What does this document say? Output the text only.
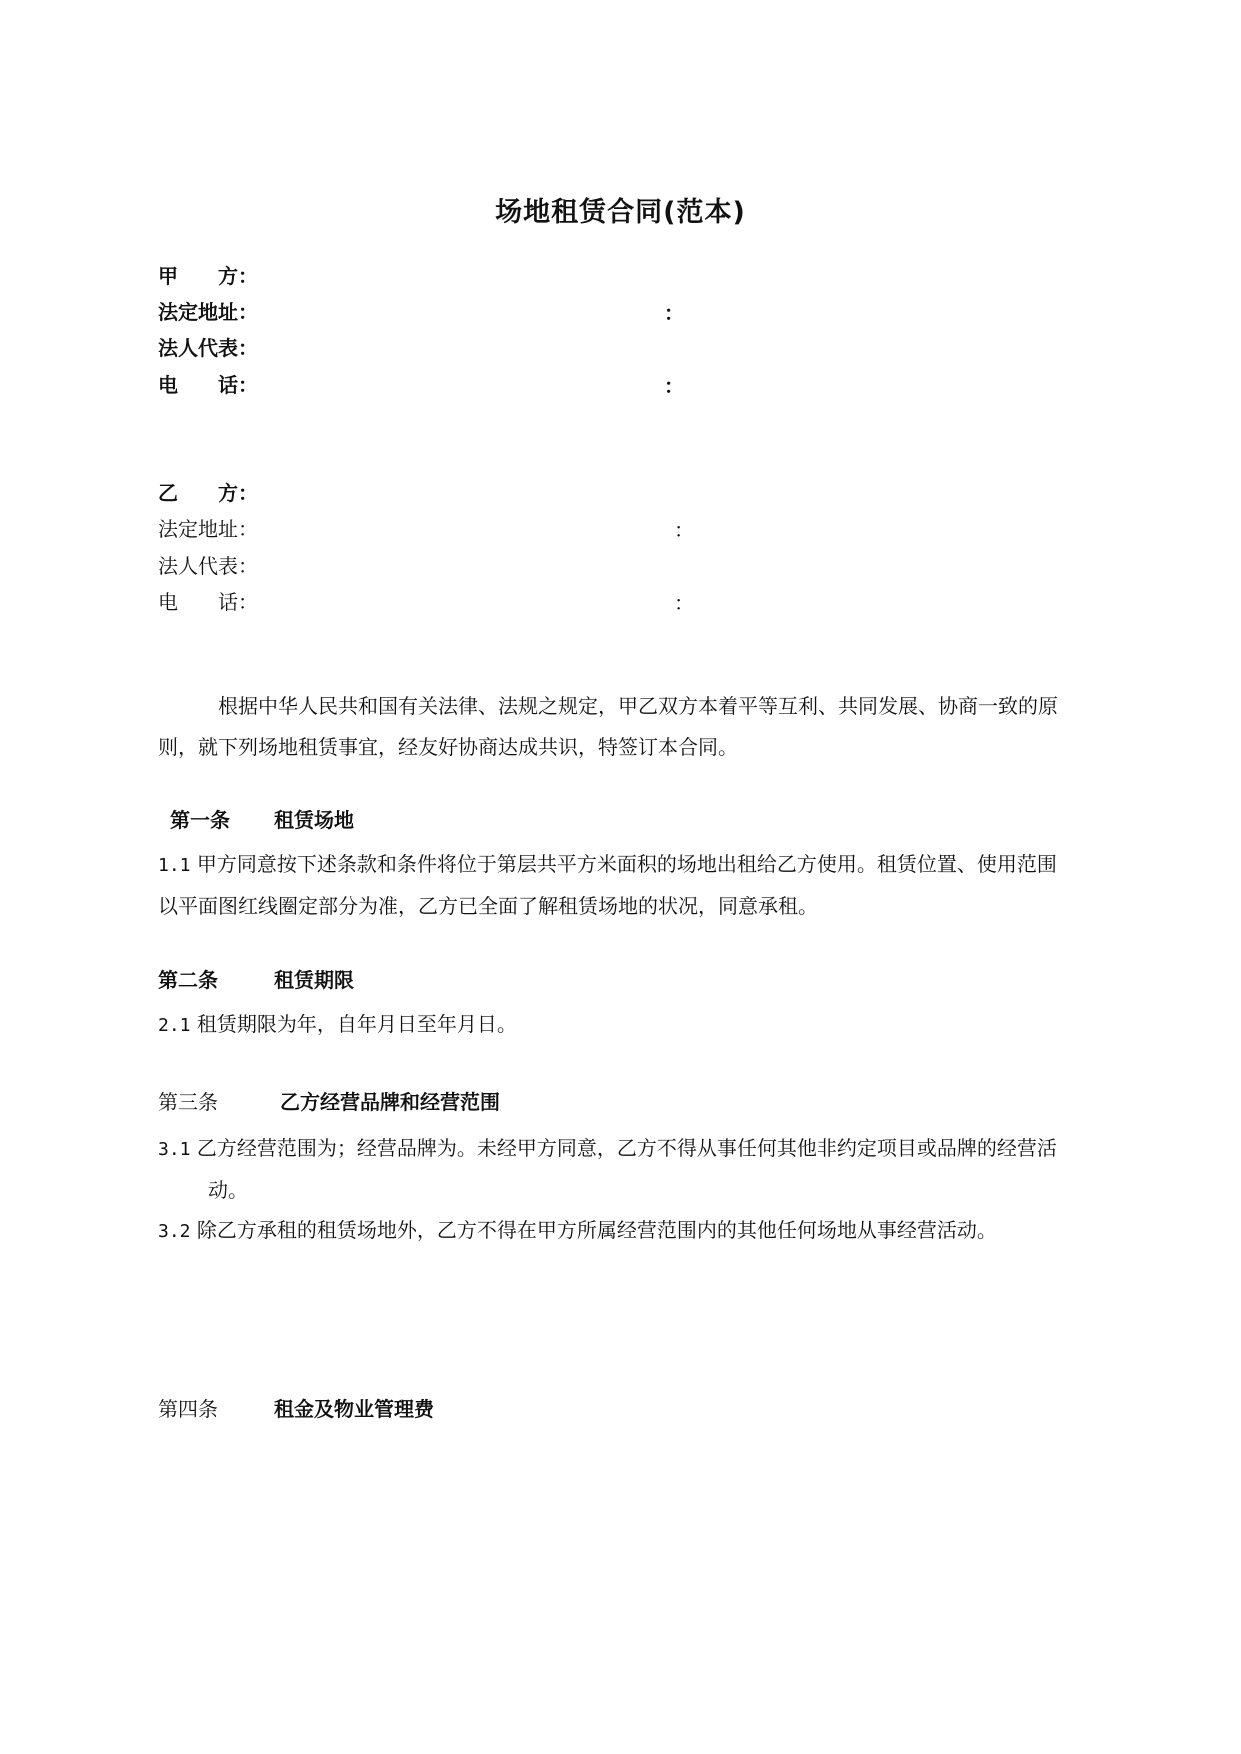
场地租赁合同(范本)
甲　　方：
法定地址：	：
法人代表：
电　　话：	：
乙　　方：
法定地址：	：
法人代表：
电　　话：	：
根据中华人民共和国有关法律、法规之规定，甲乙双方本着平等互利、共同发展、协商一致的原则，就下列场地租赁事宜，经友好协商达成共识，特签订本合同。
第一条 租赁场地
1.1 甲方同意按下述条款和条件将位于第层共平方米面积的场地出租给乙方使用。租赁位置、使用范围以平面图红线圈定部分为准，乙方已全面了解租赁场地的状况，同意承租。
第二条	租赁期限
2.1 租赁期限为年，自年月日至年月日。
第三条	乙方经营品牌和经营范围
3.1 乙方经营范围为；经营品牌为。未经甲方同意，乙方不得从事任何其他非约定项目或品牌的经营活动。
3.2 除乙方承租的租赁场地外，乙方不得在甲方所属经营范围内的其他任何场地从事经营活动。
第四条	租金及物业管理费
